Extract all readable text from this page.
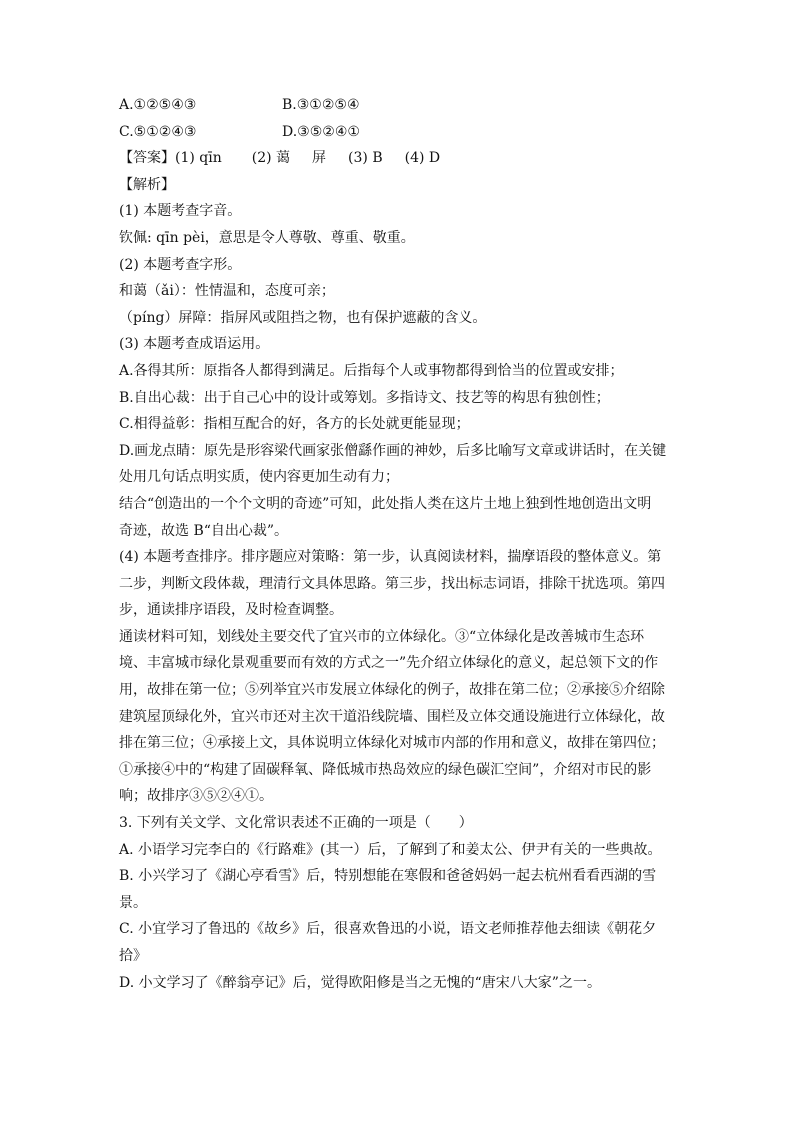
A.①②⑤④③	B.③①②⑤④
C.⑤①②④③	D.③⑤②④①
【答案】(1) qīn (2) 蔼 屏 (3) B (4) D
【解析】
(1) 本题考查字音。
钦佩: qīn pèi，意思是令人尊敬、尊重、敬重。
(2) 本题考查字形。
和蔼（ǎi）：性情温和，态度可亲；
（píng）屏障：指屏风或阻挡之物，也有保护遮蔽的含义。
(3) 本题考查成语运用。
A.各得其所：原指各人都得到满足。后指每个人或事物都得到恰当的位置或安排；
B.自出心裁：出于自己心中的设计或筹划。多指诗文、技艺等的构思有独创性；
C.相得益彰：指相互配合的好，各方的长处就更能显现；
D.画龙点睛：原先是形容梁代画家张僧繇作画的神妙，后多比喻写文章或讲话时，在关键
处用几句话点明实质，使内容更加生动有力；
结合“创造出的一个个文明的奇迹”可知，此处指人类在这片土地上独到性地创造出文明
奇迹，故选 B“自出心裁”。
(4) 本题考查排序。排序题应对策略：第一步，认真阅读材料，揣摩语段的整体意义。第
二步，判断文段体裁，理清行文具体思路。第三步，找出标志词语，排除干扰选项。第四
步，通读排序语段，及时检查调整。
通读材料可知，划线处主要交代了宜兴市的立体绿化。③“立体绿化是改善城市生态环
境、丰富城市绿化景观重要而有效的方式之一”先介绍立体绿化的意义，起总领下文的作
用，故排在第一位；⑤列举宜兴市发展立体绿化的例子，故排在第二位；②承接⑤介绍除
建筑屋顶绿化外，宜兴市还对主次干道沿线院墙、围栏及立体交通设施进行立体绿化，故
排在第三位；④承接上文，具体说明立体绿化对城市内部的作用和意义，故排在第四位；
①承接④中的“构建了固碳释氧、降低城市热岛效应的绿色碳汇空间”，介绍对市民的影
响；故排序③⑤②④①。
3. 下列有关文学、文化常识表述不正确的一项是（　　）
A. 小语学习完李白的《行路难》(其一）后，了解到了和姜太公、伊尹有关的一些典故。
B. 小兴学习了《湖心亭看雪》后，特别想能在寒假和爸爸妈妈一起去杭州看看西湖的雪
景。
C. 小宜学习了鲁迅的《故乡》后，很喜欢鲁迅的小说，语文老师推荐他去细读《朝花夕
拾》
D. 小文学习了《醉翁亭记》后，觉得欧阳修是当之无愧的“唐宋八大家”之一。
